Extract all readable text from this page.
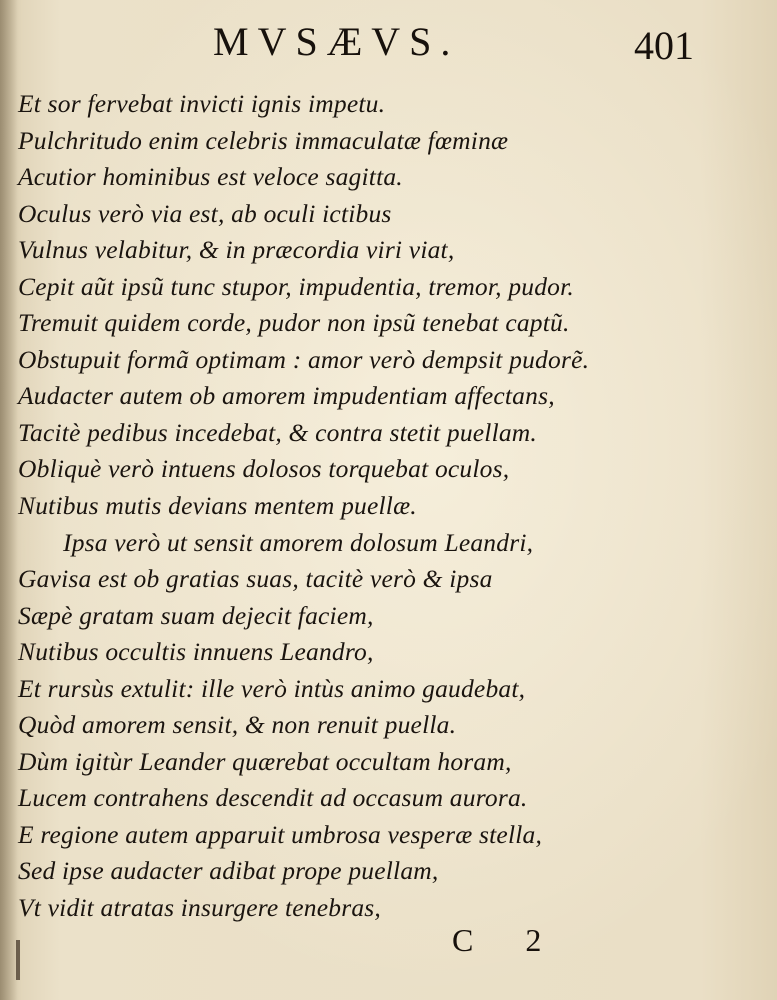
MVSÆVS.	401
Et sor fervebat invicti ignis impetu.
Pulchritudo enim celebris immaculatæ fœminæ
Acutior hominibus est veloce sagitta.
Oculus verò via est, ab oculi ictibus
Vulnus velabitur, & in præcordia viri viat,
Cepit aũt ipsũ tunc stupor, impudentia, tremor, pudor.
Tremuit quidem corde, pudor non ipsũ tenebat captũ.
Obstupuit formã optimam : amor verò dempsit pudorẽ.
Audacter autem ob amorem impudentiam affectans,
Tacitè pedibus incedebat, & contra stetit puellam.
Obliquè verò intuens dolosos torquebat oculos,
Nutibus mutis devians mentem puellæ.
Ipsa verò ut sensit amorem dolosum Leandri,
Gavisa est ob gratias suas, tacitè verò & ipsa
Sæpè gratam suam dejecit faciem,
Nutibus occultis innuens Leandro,
Et rursùs extulit: ille verò intùs animo gaudebat,
Quòd amorem sensit, & non renuit puella.
Dùm igitùr Leander quærebat occultam horam,
Lucem contrahens descendit ad occasum aurora.
E regione autem apparuit umbrosa vesperæ stella,
Sed ipse audacter adibat prope puellam,
Vt vidit atratas insurgere tenebras,
C 2
